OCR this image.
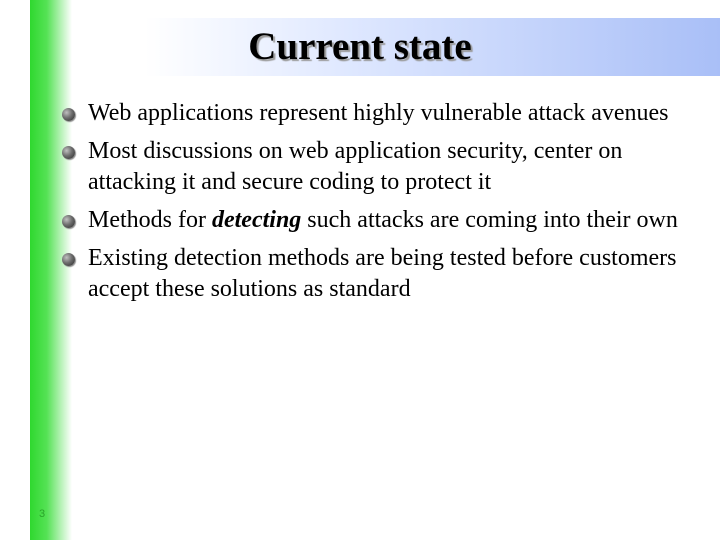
Current state
Web applications represent highly vulnerable attack avenues
Most discussions on web application security, center on attacking it and secure coding to protect it
Methods for detecting such attacks are coming into their own
Existing detection methods are being tested before customers accept these solutions as standard
3
